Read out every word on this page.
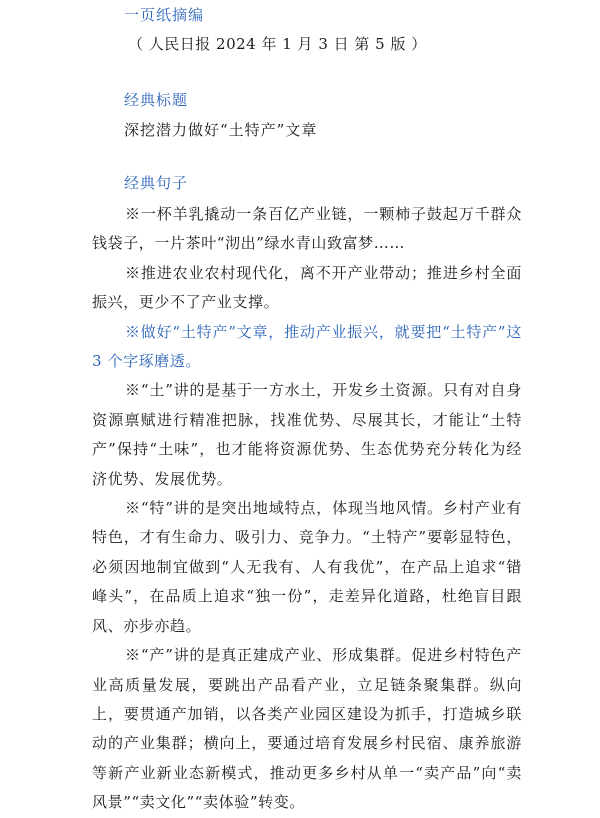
一页纸摘编
（ 人民日报 2024 年 1 月 3 日 第 5 版 ）
经典标题
深挖潜力做好“土特产”文章
经典句子

※一杯羊乳撬动一条百亿产业链，一颗柿子鼓起万千群众钱袋子，一片茶叶“沏出”绿水青山致富梦……

※推进农业农村现代化，离不开产业带动；推进乡村全面振兴，更少不了产业支撑。

※做好“土特产”文章，推动产业振兴，就要把“土特产”这 3 个字琢磨透。

※“土”讲的是基于一方水土，开发乡土资源。只有对自身资源禀赋进行精准把脉，找准优势、尽展其长，才能让“土特产”保持“土味”，也才能将资源优势、生态优势充分转化为经济优势、发展优势。

※“特”讲的是突出地域特点，体现当地风情。乡村产业有特色，才有生命力、吸引力、竞争力。“土特产”要彰显特色，必须因地制宜做到“人无我有、人有我优”，在产品上追求“错峰头”，在品质上追求“独一份”，走差异化道路，杜绝盲目跟风、亦步亦趋。

※“产”讲的是真正建成产业、形成集群。促进乡村特色产业高质量发展，要跳出产品看产业，立足链条聚集群。纵向上，要贯通产加销，以各类产业园区建设为抓手，打造城乡联动的产业集群；横向上，要通过培育发展乡村民宿、康养旅游等新产业新业态新模式，推动更多乡村从单一“卖产品”向“卖风景”“卖文化”“卖体验”转变。
